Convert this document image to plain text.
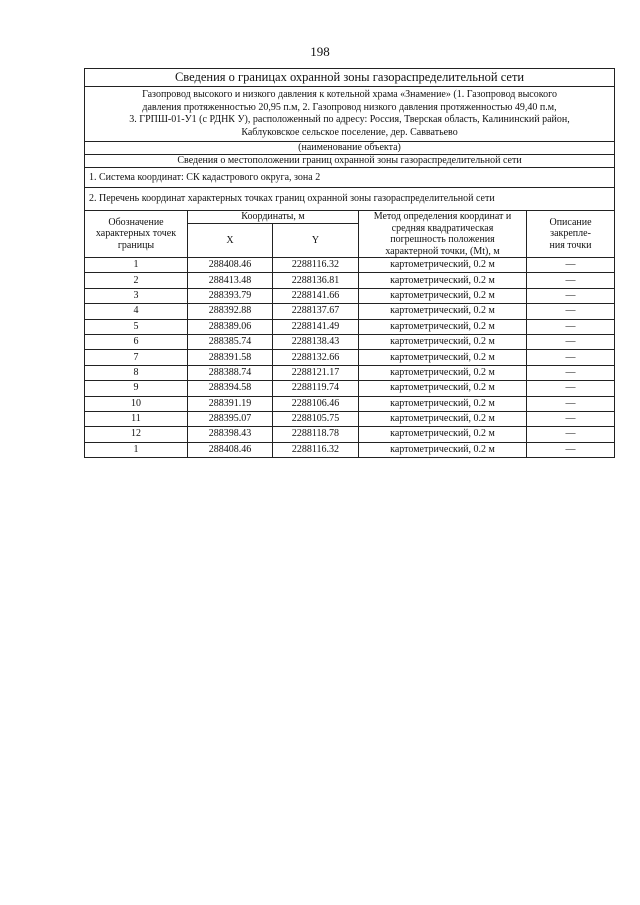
198
Сведения о границах охранной зоны газораспределительной сети				

Газопровод высокого и низкого давления к котельной храма «Знамение» (1. Газопровод высокого
давления протяженностью 20,95 п.м, 2. Газопровод низкого давления протяженностью 49,40 п.м,
3. ГРПШ-01-У1 (с РДНК У), расположенный по адресу: Россия, Тверская область, Калининский район,
Каблуковское сельское поселение, дер. Савватьево				

(наименование объекта)				
Сведения о местоположении границ охранной зоны газораспределительной сети				
1. Система координат: СК кадастрового округа, зона 2				
2. Перечень координат характерных точках границ охранной зоны газораспределительной сети				

Обозначение
характерных точек
границы	Координаты, м		Метод определения координат и
средняя квадратическая
погрешность положения
характерной точки, (Mt), м	Описание
закрепле-
ния точки

	X	Y		
1	288408.46	2288116.32	картометрический, 0.2 м	—
2	288413.48	2288136.81	картометрический, 0.2 м	—
3	288393.79	2288141.66	картометрический, 0.2 м	—
4	288392.88	2288137.67	картометрический, 0.2 м	—
5	288389.06	2288141.49	картометрический, 0.2 м	—
6	288385.74	2288138.43	картометрический, 0.2 м	—
7	288391.58	2288132.66	картометрический, 0.2 м	—
8	288388.74	2288121.17	картометрический, 0.2 м	—
9	288394.58	2288119.74	картометрический, 0.2 м	—
10	288391.19	2288106.46	картометрический, 0.2 м	—
11	288395.07	2288105.75	картометрический, 0.2 м	—
12	288398.43	2288118.78	картометрический, 0.2 м	—
1	288408.46	2288116.32	картометрический, 0.2 м	—
